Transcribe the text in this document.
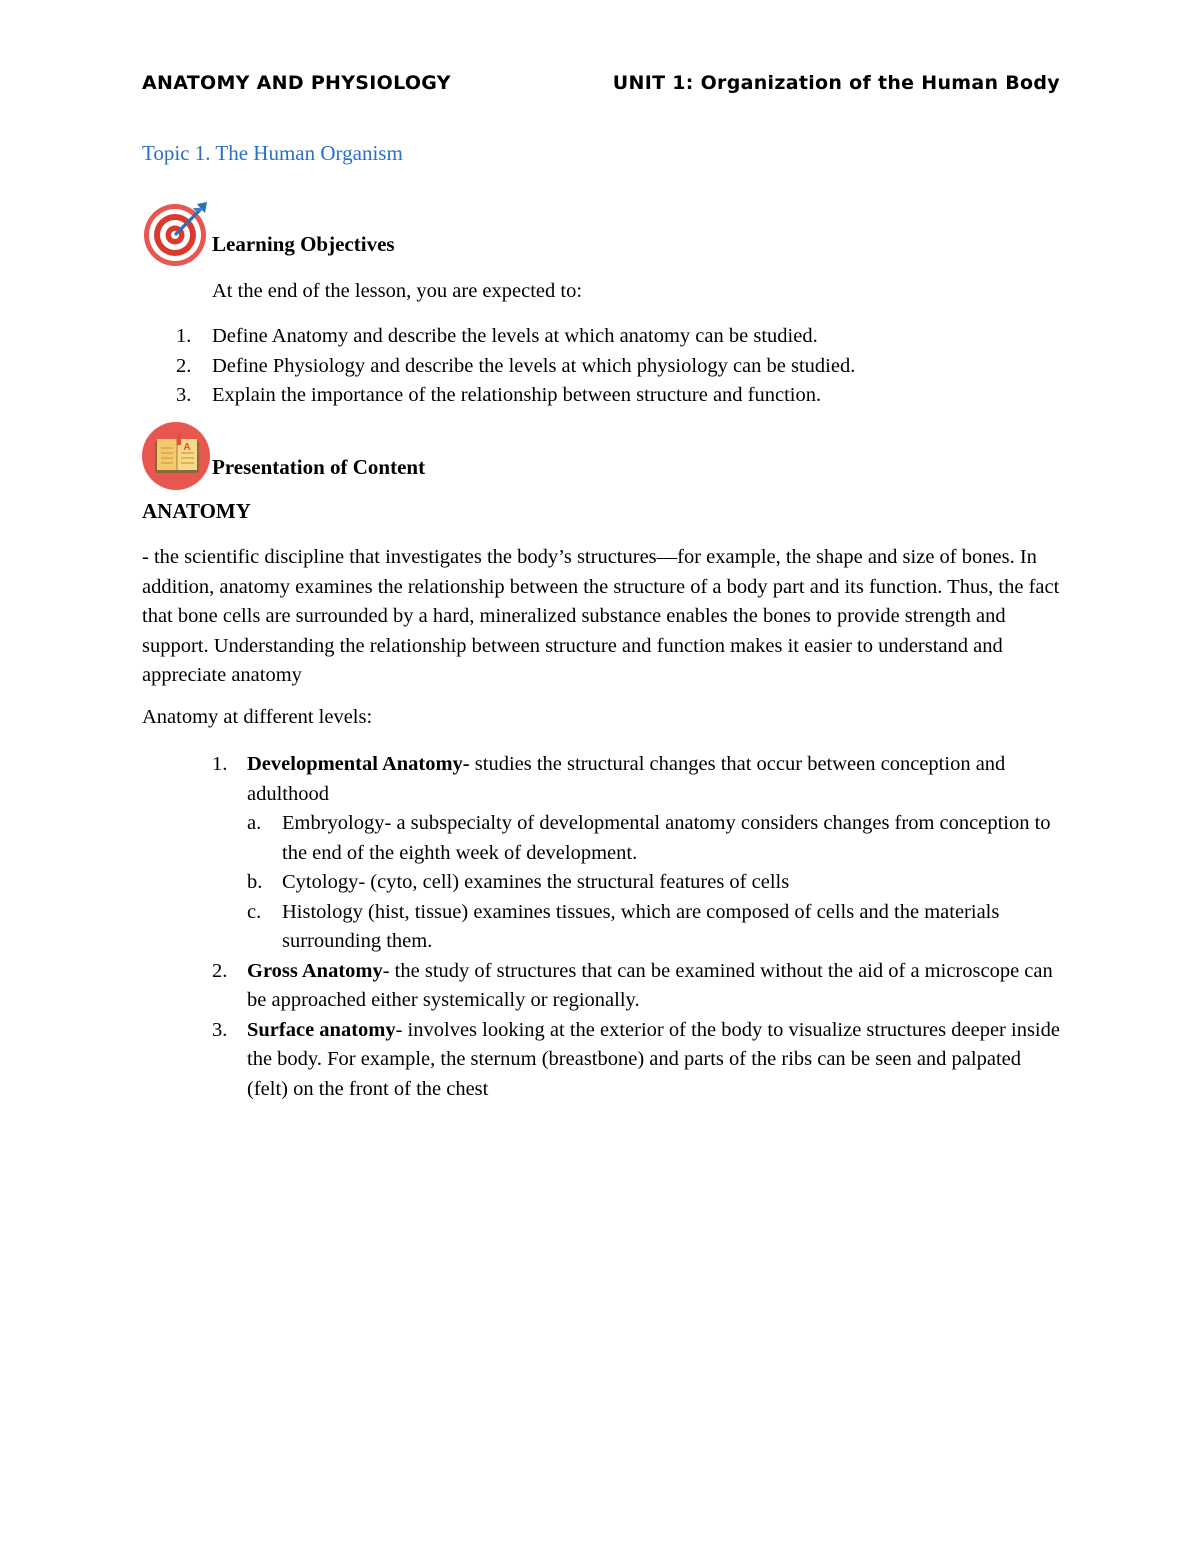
ANATOMY AND PHYSIOLOGY	UNIT 1: Organization of the Human Body
Topic 1. The Human Organism
Learning Objectives
At the end of the lesson, you are expected to:
1. Define Anatomy and describe the levels at which anatomy can be studied.
2. Define Physiology and describe the levels at which physiology can be studied.
3. Explain the importance of the relationship between structure and function.
A
Presentation of Content
ANATOMY

- the scientific discipline that investigates the body’s structures—for example, the shape and size of bones. In addition, anatomy examines the relationship between the structure of a body part and its function. Thus, the fact that bone cells are surrounded by a hard, mineralized substance enables the bones to provide strength and support. Understanding the relationship between structure and function makes it easier to understand and appreciate anatomy

Anatomy at different levels:
1. Developmental Anatomy- studies the structural changes that occur between conception and adulthood
a. Embryology- a subspecialty of developmental anatomy considers changes from conception to the end of the eighth week of development.
b. Cytology- (cyto, cell) examines the structural features of cells
c. Histology (hist, tissue) examines tissues, which are composed of cells and the materials surrounding them.
2. Gross Anatomy- the study of structures that can be examined without the aid of a microscope can be approached either systemically or regionally.
3. Surface anatomy- involves looking at the exterior of the body to visualize structures deeper inside the body. For example, the sternum (breastbone) and parts of the ribs can be seen and palpated (felt) on the front of the chest
